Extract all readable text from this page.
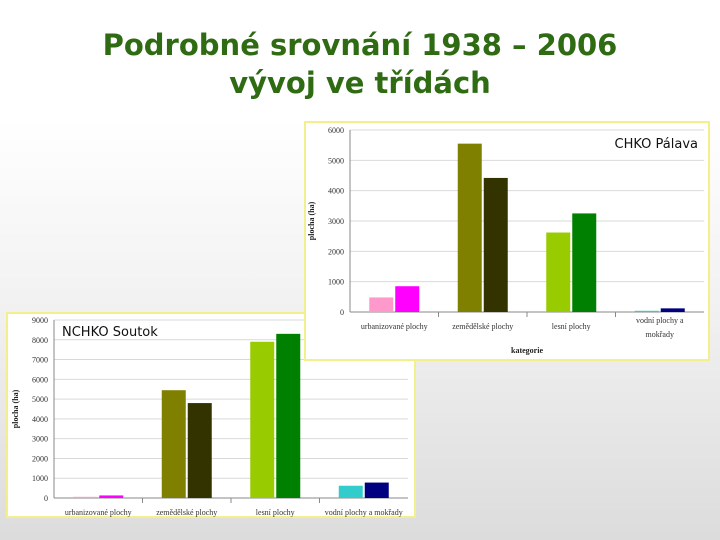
Podrobné srovnání 1938 – 2006
vývoj ve třídách
0
1000
2000
3000
4000
5000
6000
7000
8000
9000
urbanizované plochy	zemědělské plochy	lesní plochy	vodní plochy a mokřady
plocha (ha)
NCHKO Soutok
0
1000
2000
3000
4000
5000
6000
urbanizované plochy	zemědělské plochy	lesní plochy
vodní plochy a
mokřady
plocha (ha)
kategorie
CHKO Pálava
